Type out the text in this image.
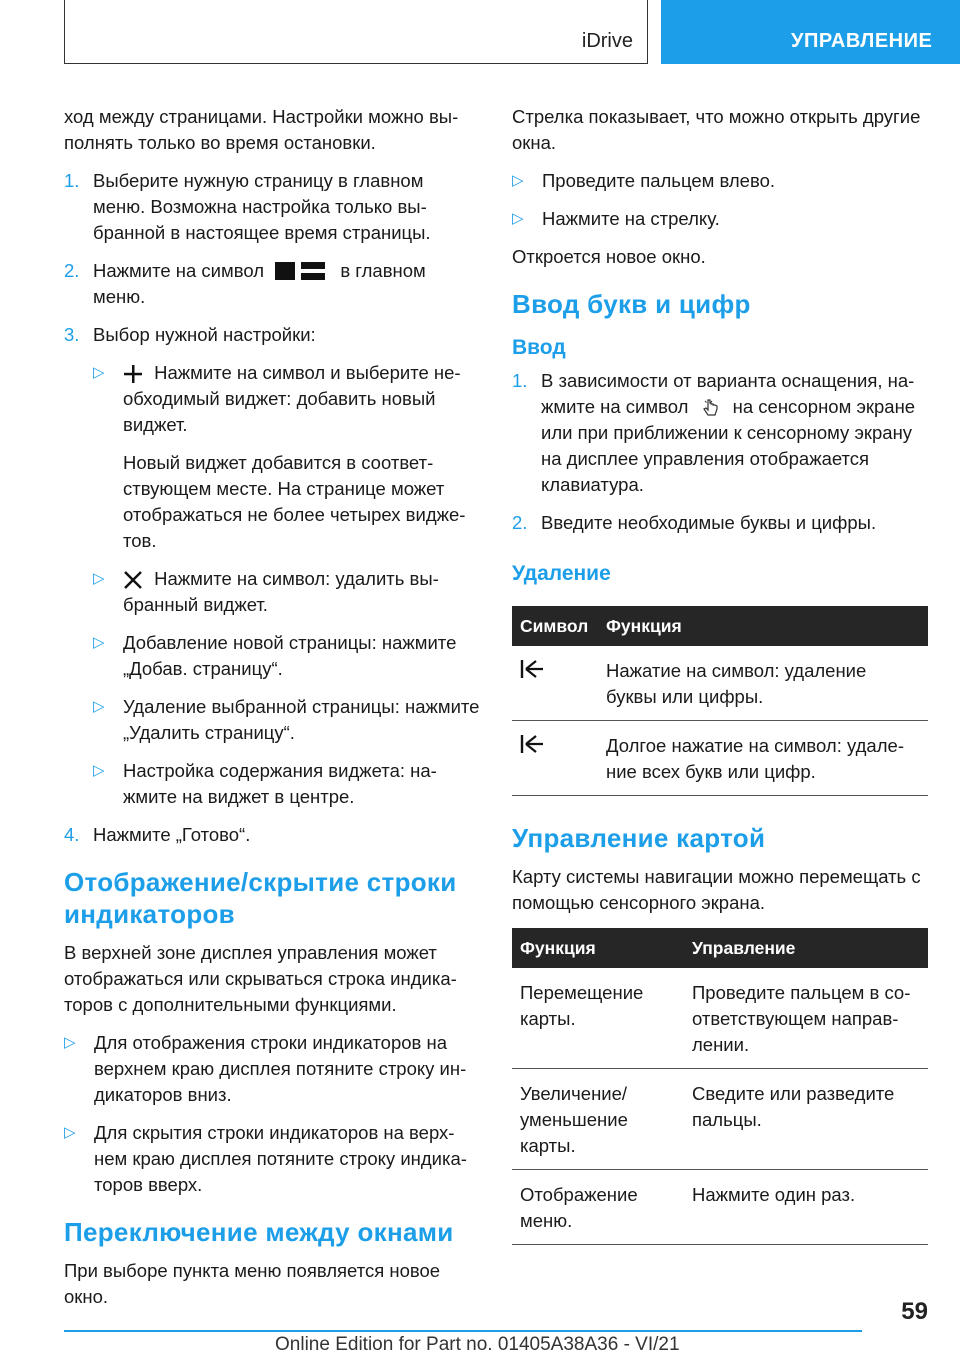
iDrive	УПРАВЛЕНИЕ

ход между страницами. Настройки можно выполнять только во время остановки.

1. Выберите нужную страницу в главном меню. Возможна настройка только выбранной в настоящее время страницы.
2. Нажмите на символ	в главном меню.
3. Выбор нужной настройки:
▷	Нажмите на символ и выберите необходимый виджет: добавить новый виджет.

Новый виджет добавится в соответствующем месте. На странице может отображаться не более четырех виджетов.

▷	Нажмите на символ: удалить выбранный виджет.
▷ Добавление новой страницы: нажмите „Добав. страницу“.
▷ Удаление выбранной страницы: нажмите „Удалить страницу“.
▷ Настройка содержания виджета: нажмите на виджет в центре.
4. Нажмите „Готово“.
Отображение/скрытие строки индикаторов

В верхней зоне дисплея управления может отображаться или скрываться строка индикаторов с дополнительными функциями.

▷ Для отображения строки индикаторов на верхнем краю дисплея потяните строку индикаторов вниз.
▷ Для скрытия строки индикаторов на верхнем краю дисплея потяните строку индикаторов вверх.
Переключение между окнами

При выборе пункта меню появляется новое окно.

Стрелка показывает, что можно открыть другие окна.

▷ Проведите пальцем влево.
▷ Нажмите на стрелку.

Откроется новое окно.

Ввод букв и цифр
Ввод
1. В зависимости от варианта оснащения, нажмите на символ на сенсорном экране или при приближении к сенсорному экрану на дисплее управления отображается клавиатура.
2. Введите необходимые буквы и цифры.
Удаление
Символ	Функция
	Нажатие на символ: удаление буквы или цифры.
	Долгое нажатие на символ: удаление всех букв или цифр.
Управление картой

Карту системы навигации можно перемещать с помощью сенсорного экрана.

Функция	Управление
Перемещение карты.	Проведите пальцем в соответствующем направлении.
Увеличение/ уменьшение карты.	Сведите или разведите пальцы.
Отображение меню.	Нажмите один раз.
59
Online Edition for Part no. 01405A38A36 - VI/21
